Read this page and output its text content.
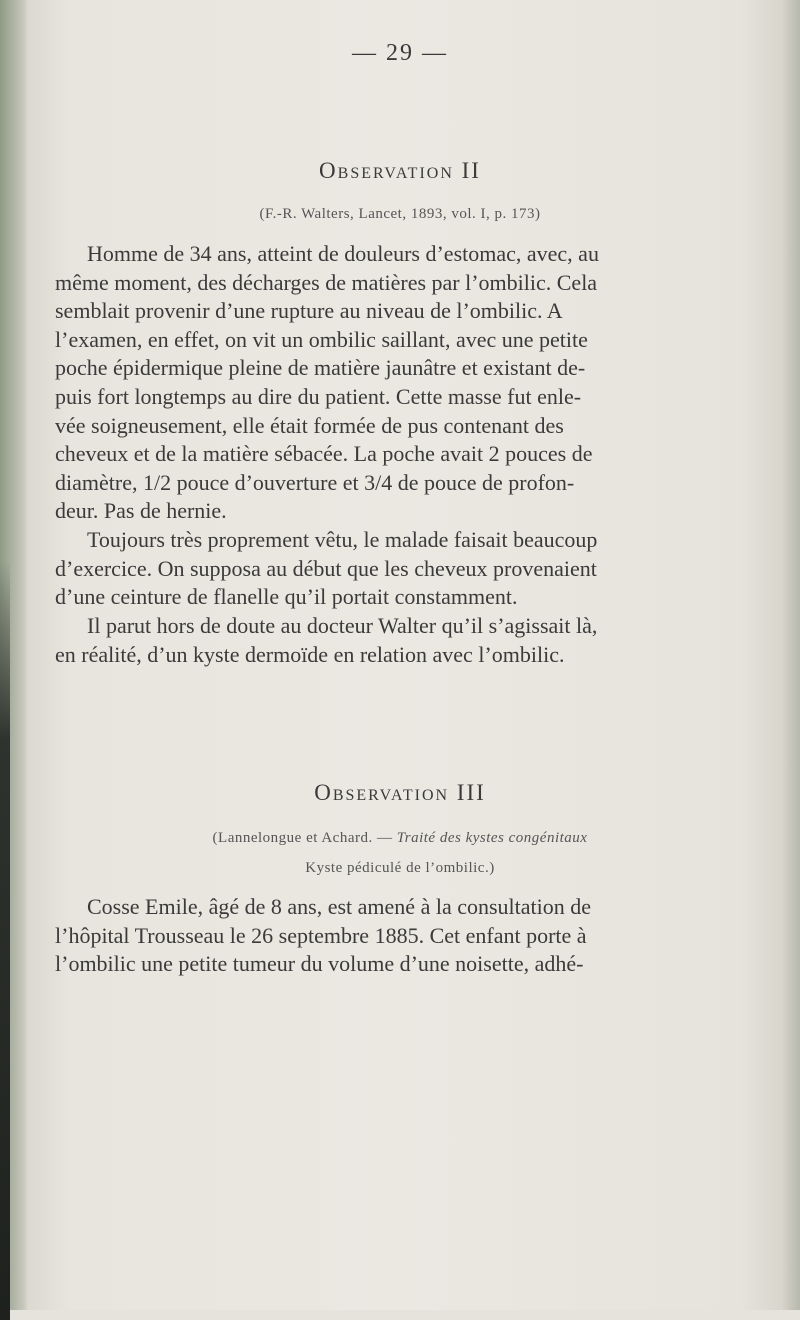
— 29 —
Observation II
(F.-R. Walters, Lancet, 1893, vol. I, p. 173)
Homme de 34 ans, atteint de douleurs d’estomac, avec, au
même moment, des décharges de matières par l’ombilic. Cela
semblait provenir d’une rupture au niveau de l’ombilic. A
l’examen, en effet, on vit un ombilic saillant, avec une petite
poche épidermique pleine de matière jaunâtre et existant de-
puis fort longtemps au dire du patient. Cette masse fut enle-
vée soigneusement, elle était formée de pus contenant des
cheveux et de la matière sébacée. La poche avait 2 pouces de
diamètre, 1/2 pouce d’ouverture et 3/4 de pouce de profon-
deur. Pas de hernie.
Toujours très proprement vêtu, le malade faisait beaucoup
d’exercice. On supposa au début que les cheveux provenaient
d’une ceinture de flanelle qu’il portait constamment.
Il parut hors de doute au docteur Walter qu’il s’agissait là,
en réalité, d’un kyste dermoïde en relation avec l’ombilic.
Observation III
(Lannelongue et Achard. — Traité des kystes congénitaux
Kyste pédiculé de l’ombilic.)
Cosse Emile, âgé de 8 ans, est amené à la consultation de
l’hôpital Trousseau le 26 septembre 1885. Cet enfant porte à
l’ombilic une petite tumeur du volume d’une noisette, adhé-
